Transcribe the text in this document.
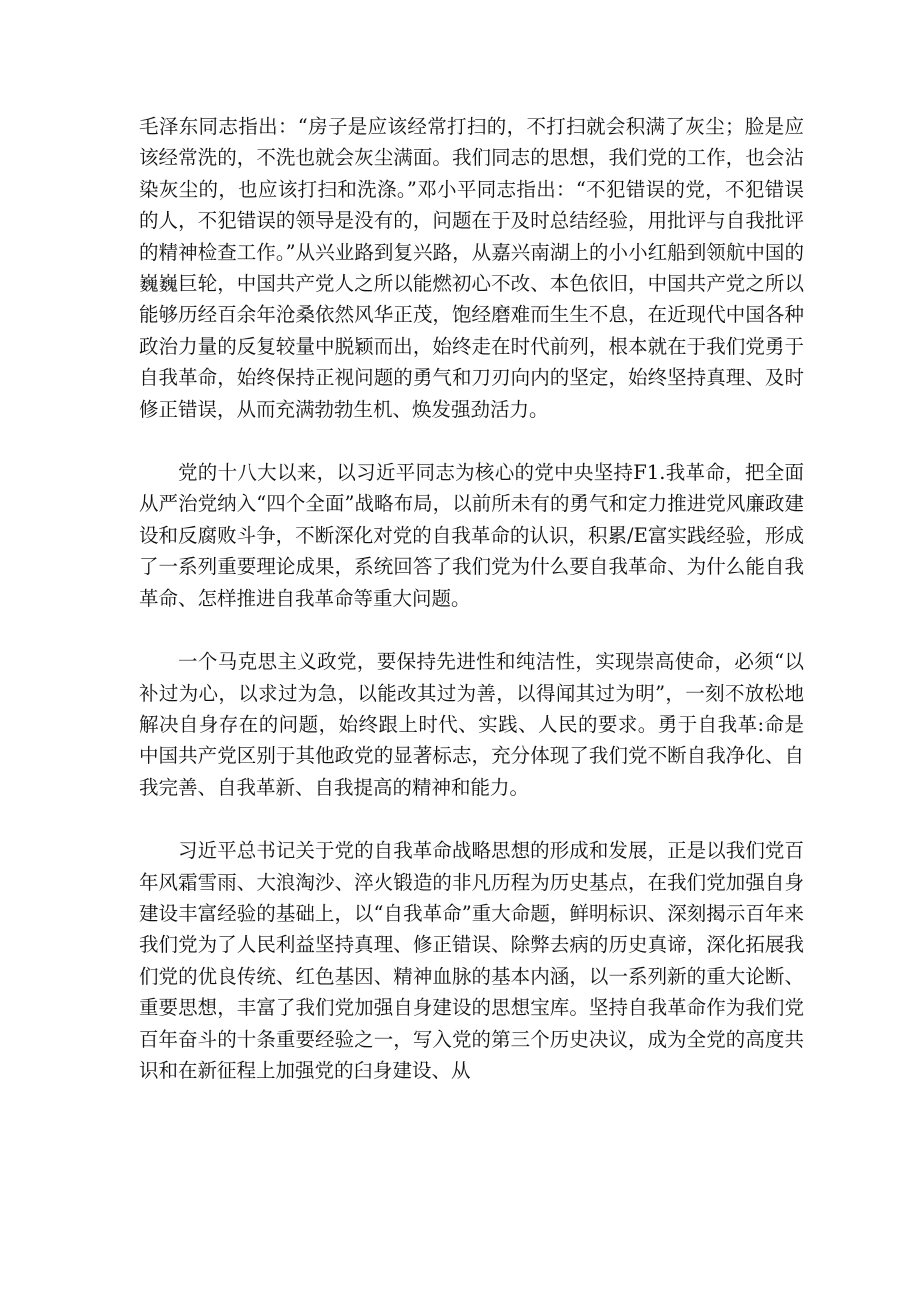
毛泽东同志指出：“房子是应该经常打扫的，不打扫就会积满了灰尘；脸是应该经常洗的，不洗也就会灰尘满面。我们同志的思想，我们党的工作，也会沾染灰尘的，也应该打扫和洗涤。”邓小平同志指出：“不犯错误的党，不犯错误的人，不犯错误的领导是没有的，问题在于及时总结经验，用批评与自我批评的精神检查工作。”从兴业路到复兴路，从嘉兴南湖上的小小红船到领航中国的巍巍巨轮，中国共产党人之所以能燃初心不改、本色依旧，中国共产党之所以能够历经百余年沧桑依然风华正茂，饱经磨难而生生不息，在近现代中国各种政治力量的反复较量中脱颖而出，始终走在时代前列，根本就在于我们党勇于自我革命，始终保持正视问题的勇气和刀刃向内的坚定，始终坚持真理、及时修正错误，从而充满勃勃生机、焕发强劲活力。

党的十八大以来，以习近平同志为核心的党中央坚持F1.我革命，把全面从严治党纳入“四个全面”战略布局，以前所未有的勇气和定力推进党风廉政建设和反腐败斗争，不断深化对党的自我革命的认识，积累/E富实践经验，形成了一系列重要理论成果，系统回答了我们党为什么要自我革命、为什么能自我革命、怎样推进自我革命等重大问题。

一个马克思主义政党，要保持先进性和纯洁性，实现崇高使命，必须“以补过为心，以求过为急，以能改其过为善，以得闻其过为明”，一刻不放松地解决自身存在的问题，始终跟上时代、实践、人民的要求。勇于自我革:命是中国共产党区别于其他政党的显著标志，充分体现了我们党不断自我净化、自我完善、自我革新、自我提高的精神和能力。

习近平总书记关于党的自我革命战略思想的形成和发展，正是以我们党百年风霜雪雨、大浪淘沙、淬火锻造的非凡历程为历史基点，在我们党加强自身建设丰富经验的基础上，以“自我革命”重大命题，鲜明标识、深刻揭示百年来我们党为了人民利益坚持真理、修正错误、除弊去病的历史真谛，深化拓展我们党的优良传统、红色基因、精神血脉的基本内涵，以一系列新的重大论断、重要思想，丰富了我们党加强自身建设的思想宝库。坚持自我革命作为我们党百年奋斗的十条重要经验之一，写入党的第三个历史决议，成为全党的高度共识和在新征程上加强党的臼身建设、从
